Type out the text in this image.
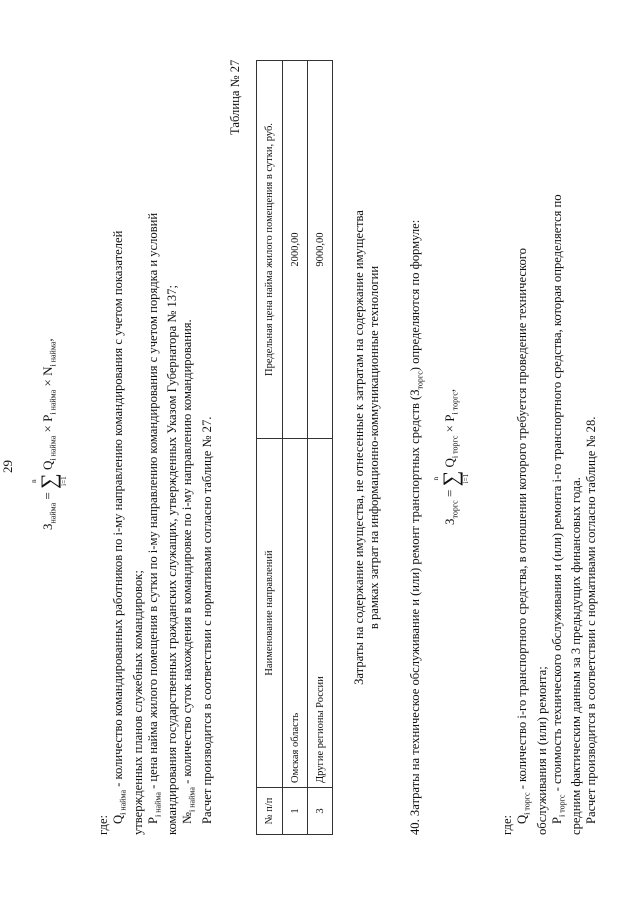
29
$З_{найма}$ =
n
∑ i=1
$Q_{i найма} \times P_{i найма} \times N_{i найма}$,
где: $Q_{i найма}$ - количество командированных работников по i-му направлению командирования с учетом показателей утвержденных планов служебных командировок; $P_{i найма}$ - цена найма жилого помещения в сутки по i-му направлению командирования с учетом порядка и условий командирования государственных гражданских служащих, утвержденных Указом Губернатора № 137; $№_{i найма}$ - количество суток нахождения в командировке по i-му направлению командирования. Расчет производится в соответствии с нормативами согласно таблице № 27.
Таблица № 27
№ п/п	Наименование направлений	Предельная цена найма жилого помещения в сутки, руб.
1	Омская область	2000,00
3	Другие регионы России	9000,00 Затраты на содержание имущества, не отнесенные к затратам на содержание имущества в рамках затрат на информационно-коммуникационные технологии 40. Затраты на техническое обслуживание и (или) ремонт транспортных средств $(З_{торгс})$ определяются по формуле:
$З_{торгс}$ =
n
∑ i=1
$Q_{i торгс} \times P_{i торгс}$,
где: $Q_{i торгс}$ - количество i-го транспортного средства, в отношении которого требуется проведение технического обслуживания и (или) ремонта; $P_{i торгс}$ - стоимость технического обслуживания и (или) ремонта i-го транспортного средства, которая определяется по средним фактическим данным за 3 предыдущих финансовых года. Расчет производится в соответствии с нормативами согласно таблице № 28.
